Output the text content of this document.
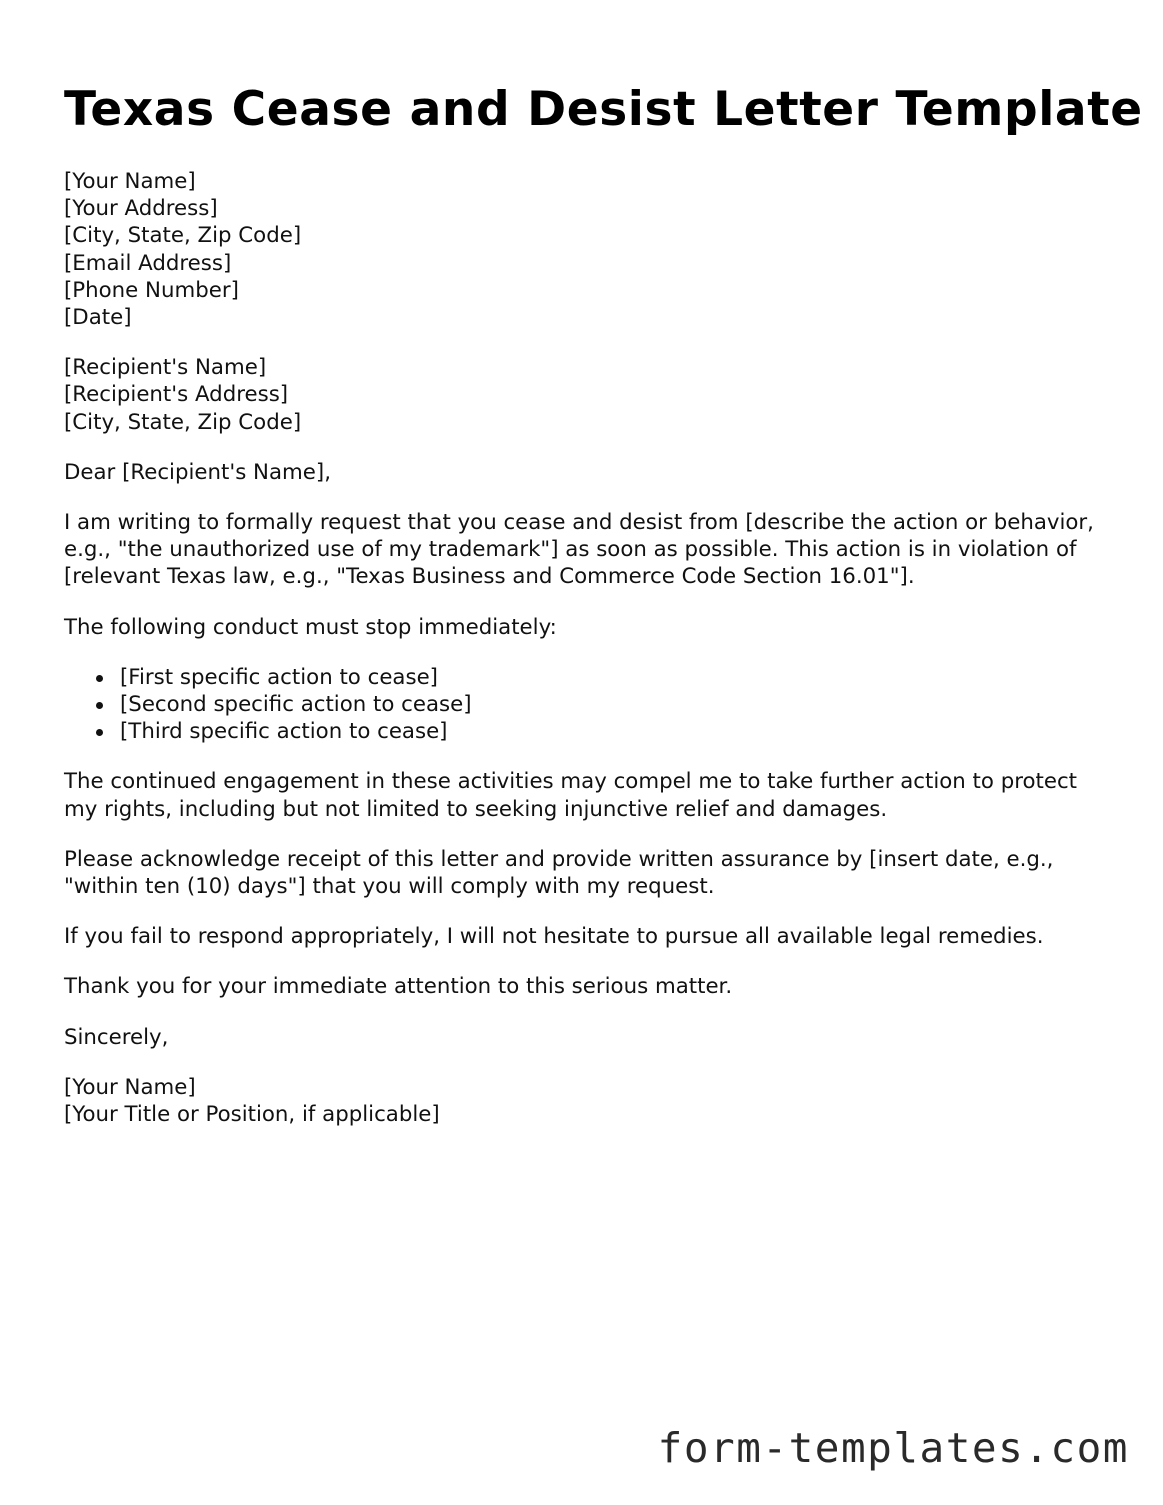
Texas Cease and Desist Letter Template
[Your Name]
[Your Address]
[City, State, Zip Code]
[Email Address]
[Phone Number]
[Date]
[Recipient's Name]
[Recipient's Address]
[City, State, Zip Code]

Dear [Recipient's Name],

I am writing to formally request that you cease and desist from [describe the action or behavior, e.g., "the unauthorized use of my trademark"] as soon as possible. This action is in violation of [relevant Texas law, e.g., "Texas Business and Commerce Code Section 16.01"].

The following conduct must stop immediately:

[First specific action to cease]
[Second specific action to cease]
[Third specific action to cease]

The continued engagement in these activities may compel me to take further action to protect my rights, including but not limited to seeking injunctive relief and damages.

Please acknowledge receipt of this letter and provide written assurance by [insert date, e.g., "within ten (10) days"] that you will comply with my request.

If you fail to respond appropriately, I will not hesitate to pursue all available legal remedies.

Thank you for your immediate attention to this serious matter.

Sincerely,

[Your Name]
[Your Title or Position, if applicable]
form-templates.com
